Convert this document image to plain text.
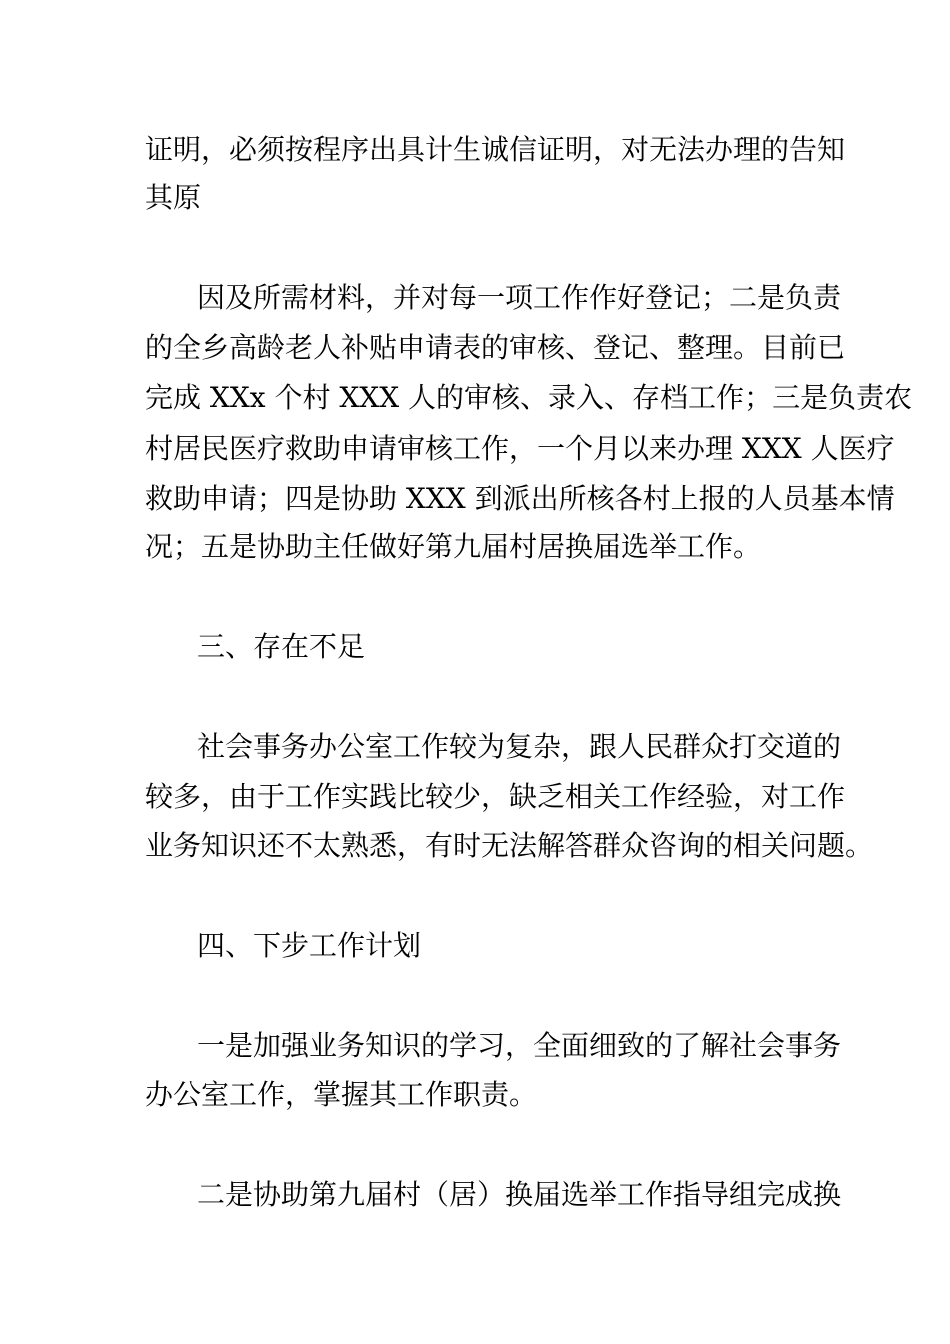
证明，必须按程序出具计生诚信证明，对无法办理的告知
其原
因及所需材料，并对每一项工作作好登记；二是负责
的全乡高龄老人补贴申请表的审核、登记、整理。目前已
完成 XXx 个村 XXX 人的审核、录入、存档工作；三是负责农
村居民医疗救助申请审核工作，一个月以来办理 XXX 人医疗
救助申请；四是协助 XXX 到派出所核各村上报的人员基本情
况；五是协助主任做好第九届村居换届选举工作。
三、存在不足
社会事务办公室工作较为复杂，跟人民群众打交道的
较多，由于工作实践比较少，缺乏相关工作经验，对工作
业务知识还不太熟悉，有时无法解答群众咨询的相关问题。
四、下步工作计划
一是加强业务知识的学习，全面细致的了解社会事务
办公室工作，掌握其工作职责。
二是协助第九届村（居）换届选举工作指导组完成换
